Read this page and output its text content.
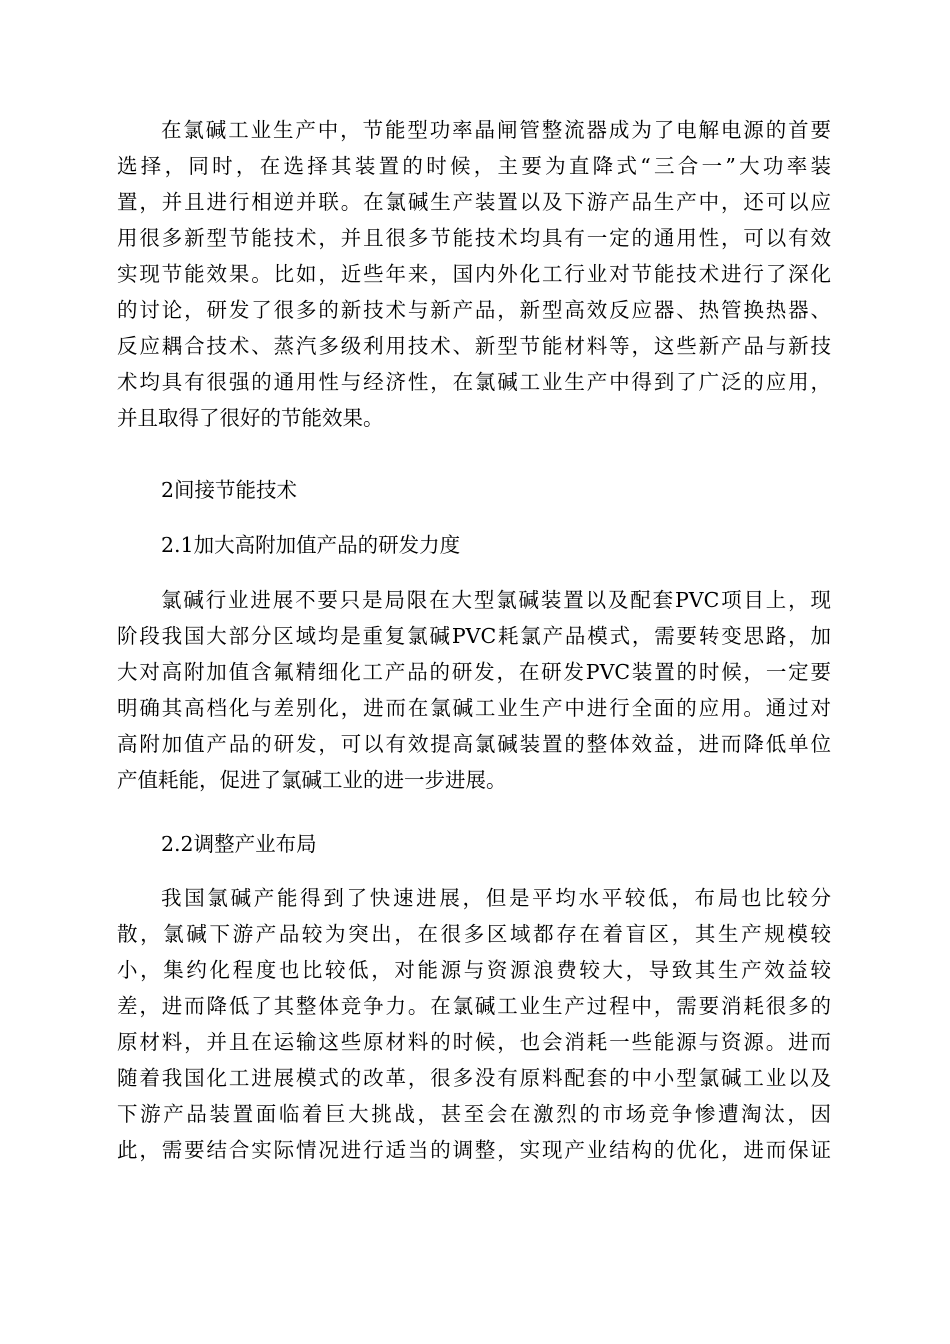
在氯碱工业生产中，节能型功率晶闸管整流器成为了电解电源的首要
选择，同时，在选择其装置的时候，主要为直降式“三合一”大功率装
置，并且进行相逆并联。在氯碱生产装置以及下游产品生产中，还可以应
用很多新型节能技术，并且很多节能技术均具有一定的通用性，可以有效
实现节能效果。比如，近些年来，国内外化工行业对节能技术进行了深化
的讨论，研发了很多的新技术与新产品，新型高效反应器、热管换热器、
反应耦合技术、蒸汽多级利用技术、新型节能材料等，这些新产品与新技
术均具有很强的通用性与经济性，在氯碱工业生产中得到了广泛的应用，
并且取得了很好的节能效果。
2间接节能技术
2.1加大高附加值产品的研发力度
氯碱行业进展不要只是局限在大型氯碱装置以及配套PVC项目上，现
阶段我国大部分区域均是重复氯碱PVC耗氯产品模式，需要转变思路，加
大对高附加值含氟精细化工产品的研发，在研发PVC装置的时候，一定要
明确其高档化与差别化，进而在氯碱工业生产中进行全面的应用。通过对
高附加值产品的研发，可以有效提高氯碱装置的整体效益，进而降低单位
产值耗能，促进了氯碱工业的进一步进展。
2.2调整产业布局
我国氯碱产能得到了快速进展，但是平均水平较低，布局也比较分
散，氯碱下游产品较为突出，在很多区域都存在着盲区，其生产规模较
小，集约化程度也比较低，对能源与资源浪费较大，导致其生产效益较
差，进而降低了其整体竞争力。在氯碱工业生产过程中，需要消耗很多的
原材料，并且在运输这些原材料的时候，也会消耗一些能源与资源。进而
随着我国化工进展模式的改革，很多没有原料配套的中小型氯碱工业以及
下游产品装置面临着巨大挑战，甚至会在激烈的市场竞争惨遭淘汰，因
此，需要结合实际情况进行适当的调整，实现产业结构的优化，进而保证
